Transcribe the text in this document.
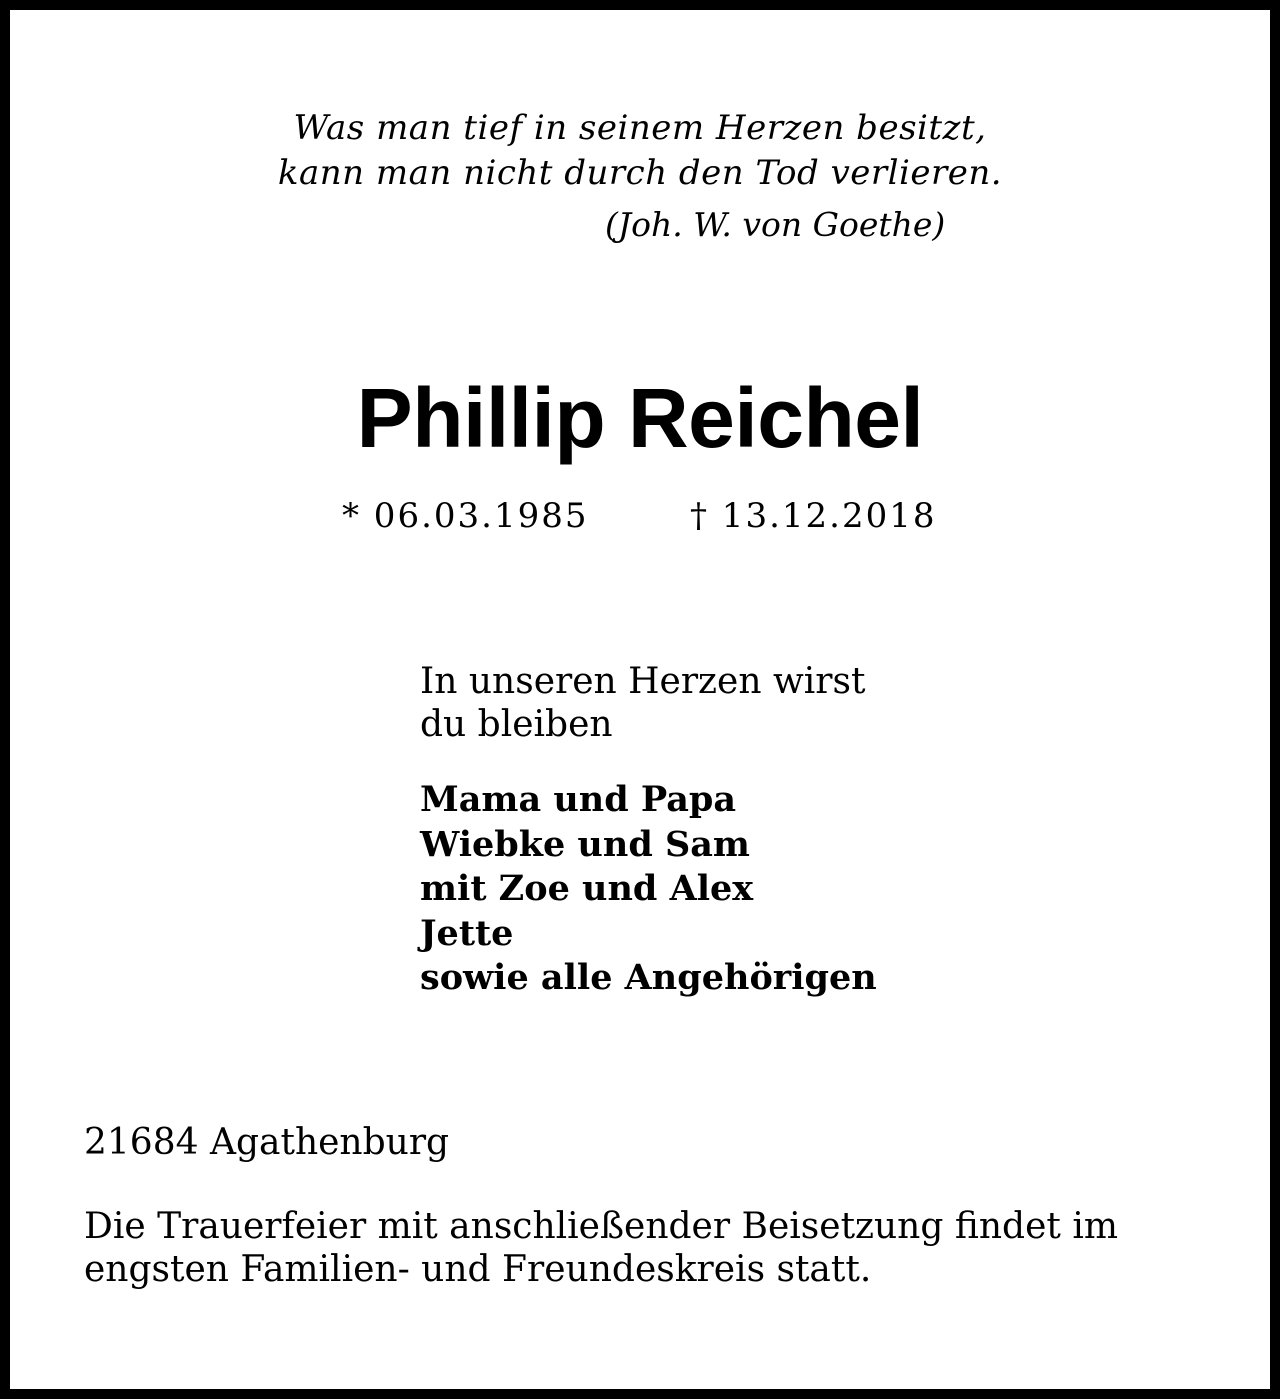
Was man tief in seinem Herzen besitzt,
kann man nicht durch den Tod verlieren.
(Joh. W. von Goethe)
Phillip Reichel
* 06.03.1985	† 13.12.2018
In unseren Herzen wirst
du bleiben
Mama und Papa
Wiebke und Sam
mit Zoe und Alex
Jette
sowie alle Angehörigen
21684 Agathenburg
Die Trauerfeier mit anschließender Beisetzung findet im
engsten Familien- und Freundeskreis statt.
